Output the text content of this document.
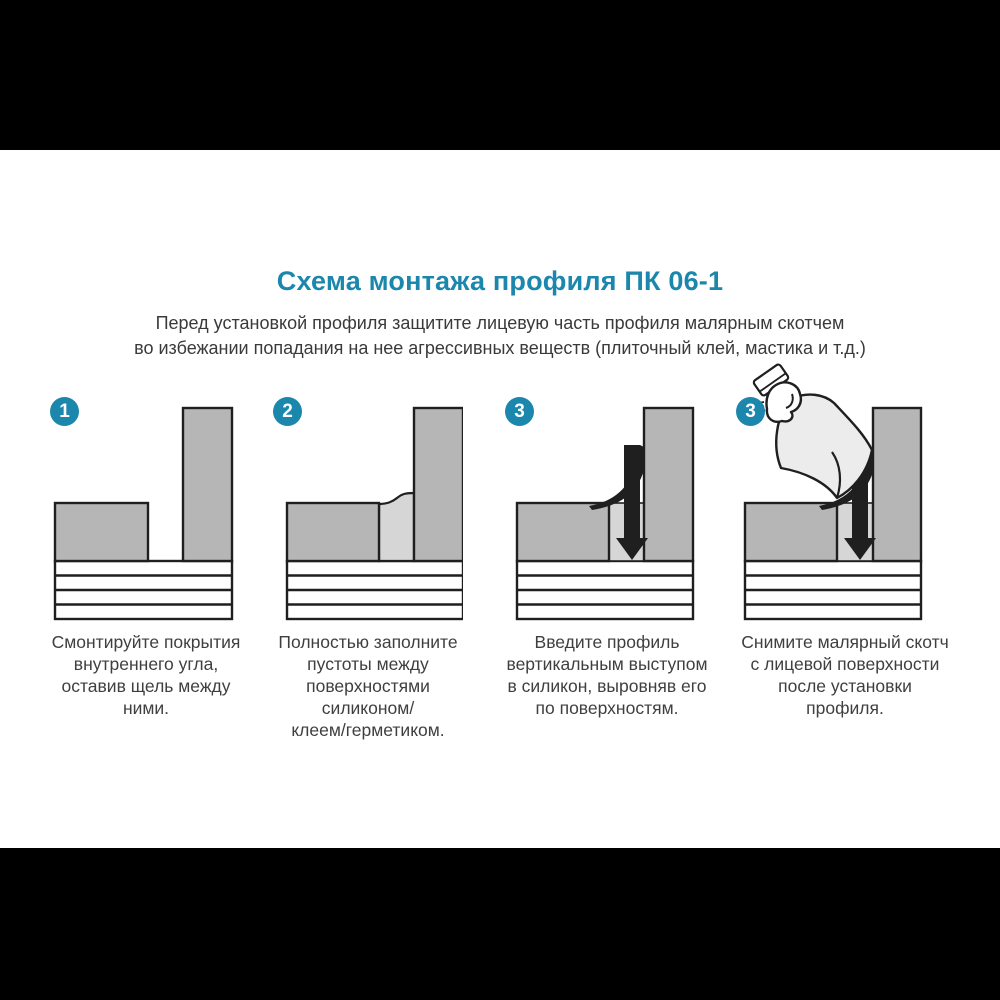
Схема монтажа профиля ПК 06-1
Перед установкой профиля защитите лицевую часть профиля малярным скотчем
во избежании попадания на нее агрессивных веществ (плиточный клей, мастика и т.д.)
1	2	3	3
Смонтируйте покрытия
внутреннего угла,
оставив щель между
ними.
Полностью заполните
пустоты между
поверхностями
силиконом/
клеем/герметиком.
Введите профиль
вертикальным выступом
в силикон, выровняв его
по поверхностям.
Снимите малярный скотч
с лицевой поверхности
после установки
профиля.
